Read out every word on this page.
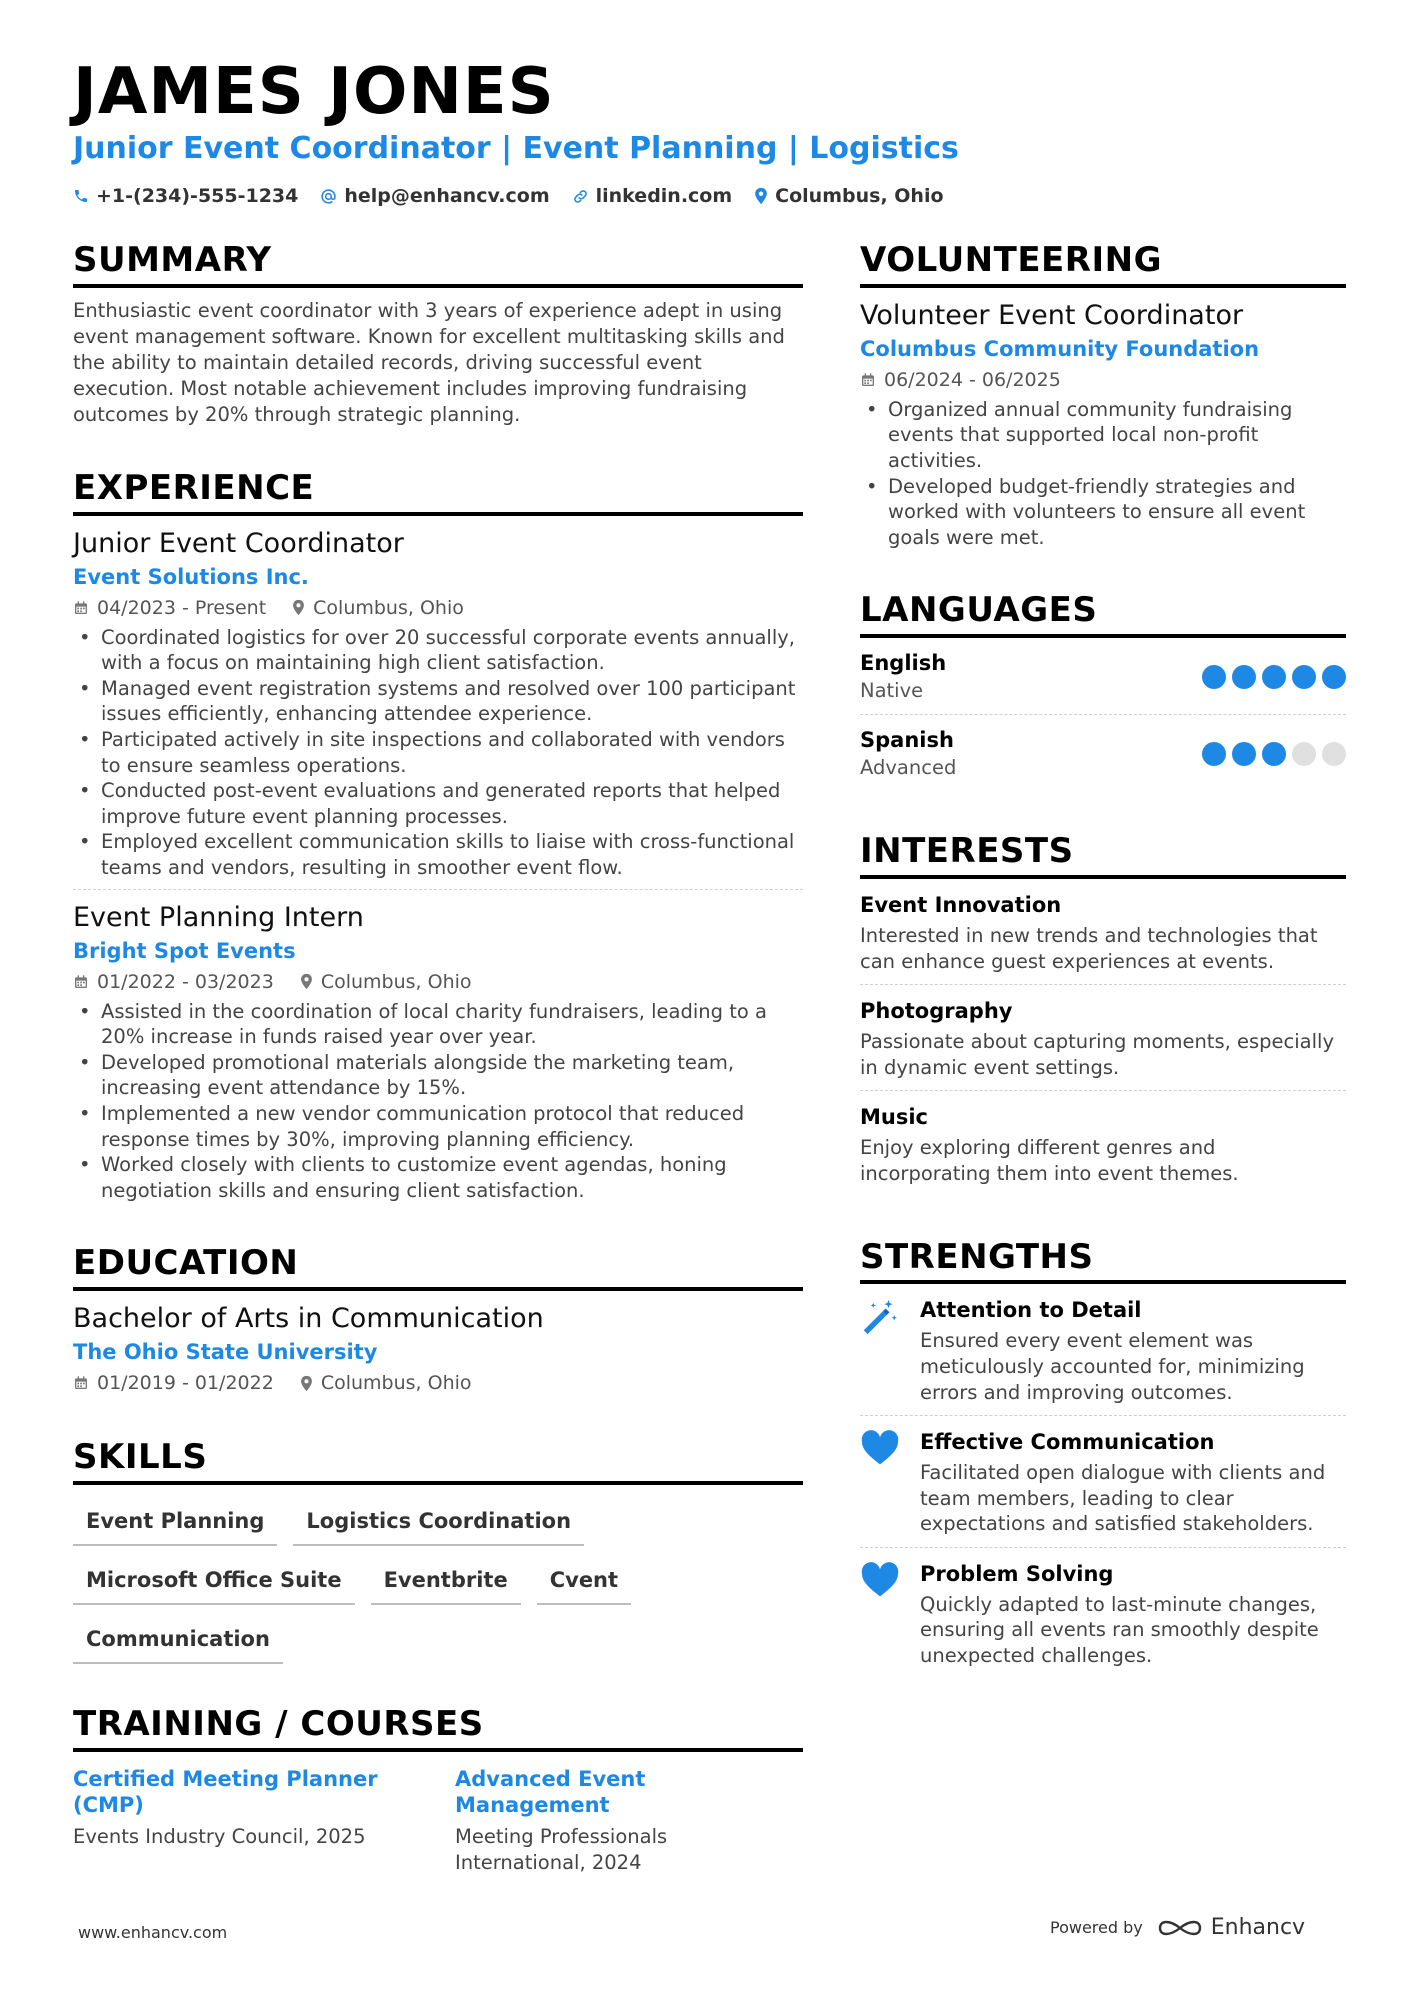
JAMES JONES
Junior Event Coordinator | Event Planning | Logistics
+1-(234)-555-1234 help@enhancv.com linkedin.com Columbus, Ohio
SUMMARY
Enthusiastic event coordinator with 3 years of experience adept in using event management software. Known for excellent multitasking skills and the ability to maintain detailed records, driving successful event execution. Most notable achievement includes improving fundraising outcomes by 20% through strategic planning.
EXPERIENCE
Junior Event Coordinator
Event Solutions Inc.
04/2023 - Present Columbus, Ohio
• Coordinated logistics for over 20 successful corporate events annually, with a focus on maintaining high client satisfaction.
• Managed event registration systems and resolved over 100 participant issues efficiently, enhancing attendee experience.
• Participated actively in site inspections and collaborated with vendors to ensure seamless operations.
• Conducted post-event evaluations and generated reports that helped improve future event planning processes.
• Employed excellent communication skills to liaise with cross-functional teams and vendors, resulting in smoother event flow.
Event Planning Intern
Bright Spot Events
01/2022 - 03/2023 Columbus, Ohio
• Assisted in the coordination of local charity fundraisers, leading to a 20% increase in funds raised year over year.
• Developed promotional materials alongside the marketing team, increasing event attendance by 15%.
• Implemented a new vendor communication protocol that reduced response times by 30%, improving planning efficiency.
• Worked closely with clients to customize event agendas, honing negotiation skills and ensuring client satisfaction.
EDUCATION
Bachelor of Arts in Communication
The Ohio State University
01/2019 - 01/2022 Columbus, Ohio
SKILLS
Event Planning	Logistics Coordination
Microsoft Office Suite	Eventbrite	Cvent
Communication
TRAINING / COURSES
Certified Meeting Planner (CMP)
Events Industry Council, 2025
Advanced Event Management
Meeting Professionals International, 2024
VOLUNTEERING
Volunteer Event Coordinator
Columbus Community Foundation
06/2024 - 06/2025
• Organized annual community fundraising events that supported local non-profit activities.
• Developed budget-friendly strategies and worked with volunteers to ensure all event goals were met.
LANGUAGES
English
Native
Spanish
Advanced
INTERESTS
Event Innovation
Interested in new trends and technologies that can enhance guest experiences at events.
Photography
Passionate about capturing moments, especially in dynamic event settings.
Music
Enjoy exploring different genres and incorporating them into event themes.
STRENGTHS
Attention to Detail
Ensured every event element was meticulously accounted for, minimizing errors and improving outcomes.
Effective Communication
Facilitated open dialogue with clients and team members, leading to clear expectations and satisfied stakeholders.
Problem Solving
Quickly adapted to last-minute changes, ensuring all events ran smoothly despite unexpected challenges.
www.enhancv.com	Powered by	Enhancv
